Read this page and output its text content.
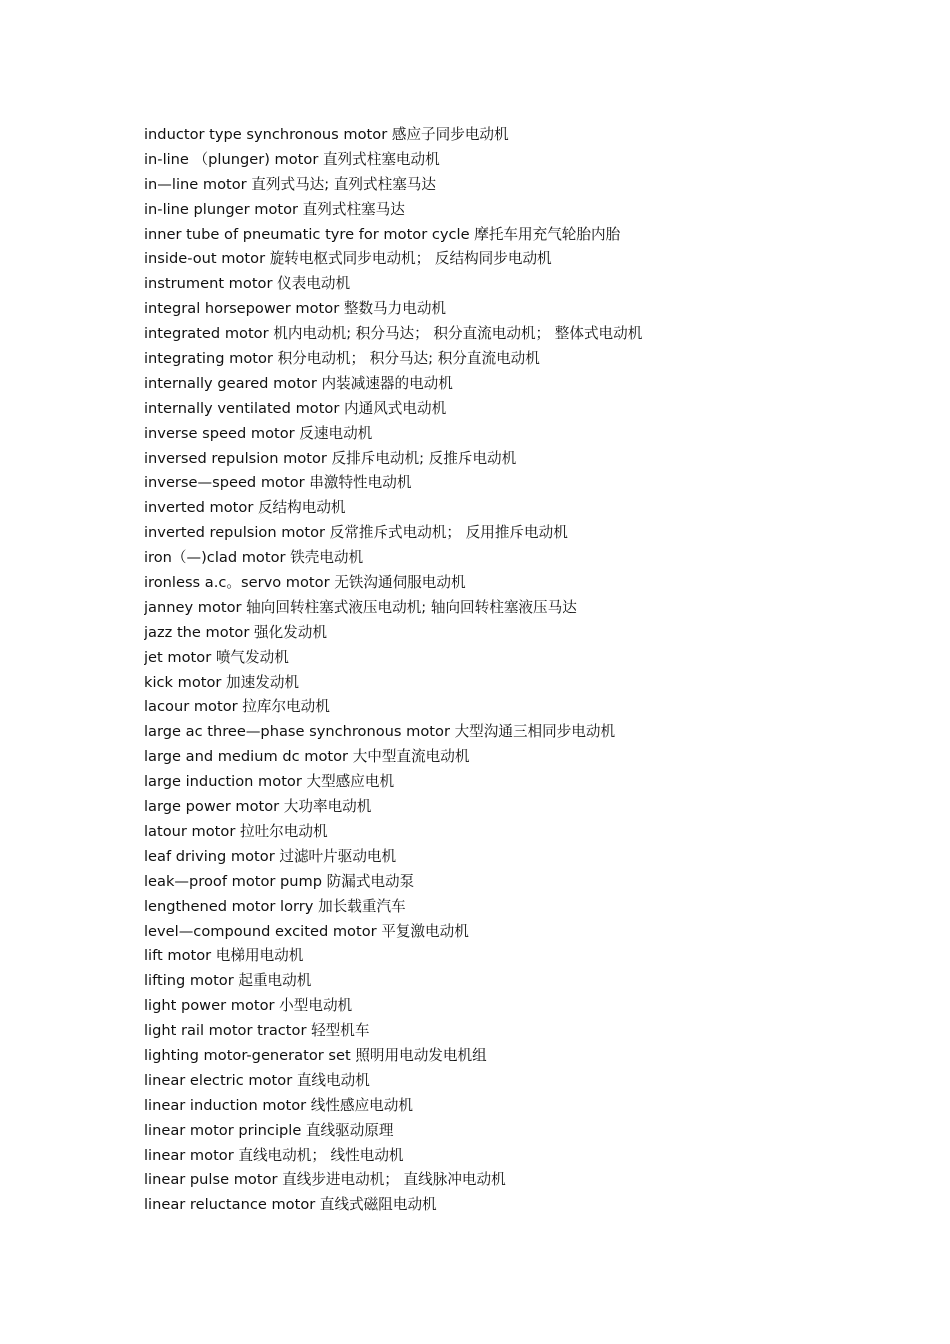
inductor type synchronous motor 感应子同步电动机
in-line （plunger) motor 直列式柱塞电动机
in—line motor 直列式马达; 直列式柱塞马达
in-line plunger motor 直列式柱塞马达
inner tube of pneumatic tyre for motor cycle 摩托车用充气轮胎内胎
inside-out motor 旋转电枢式同步电动机； 反结构同步电动机
instrument motor 仪表电动机
integral horsepower motor 整数马力电动机
integrated motor 机内电动机; 积分马达； 积分直流电动机； 整体式电动机
integrating motor 积分电动机； 积分马达; 积分直流电动机
internally geared motor 内装减速器的电动机
internally ventilated motor 内通风式电动机
inverse speed motor 反速电动机
inversed repulsion motor 反排斥电动机; 反推斥电动机
inverse—speed motor 串激特性电动机
inverted motor 反结构电动机
inverted repulsion motor 反常推斥式电动机； 反用推斥电动机
iron（—)clad motor 铁壳电动机
ironless a.c。servo motor 无铁沟通伺服电动机
janney motor 轴向回转柱塞式液压电动机; 轴向回转柱塞液压马达
jazz the motor 强化发动机
jet motor 喷气发动机
kick motor 加速发动机
lacour motor 拉库尔电动机
large ac three—phase synchronous motor 大型沟通三相同步电动机
large and medium dc motor 大中型直流电动机
large induction motor 大型感应电机
large power motor 大功率电动机
latour motor 拉吐尔电动机
leaf driving motor 过滤叶片驱动电机
leak—proof motor pump 防漏式电动泵
lengthened motor lorry 加长载重汽车
level—compound excited motor 平复激电动机
lift motor 电梯用电动机
lifting motor 起重电动机
light power motor 小型电动机
light rail motor tractor 轻型机车
lighting motor-generator set 照明用电动发电机组
linear electric motor 直线电动机
linear induction motor 线性感应电动机
linear motor principle 直线驱动原理
linear motor 直线电动机； 线性电动机
linear pulse motor 直线步进电动机； 直线脉冲电动机
linear reluctance motor 直线式磁阻电动机
